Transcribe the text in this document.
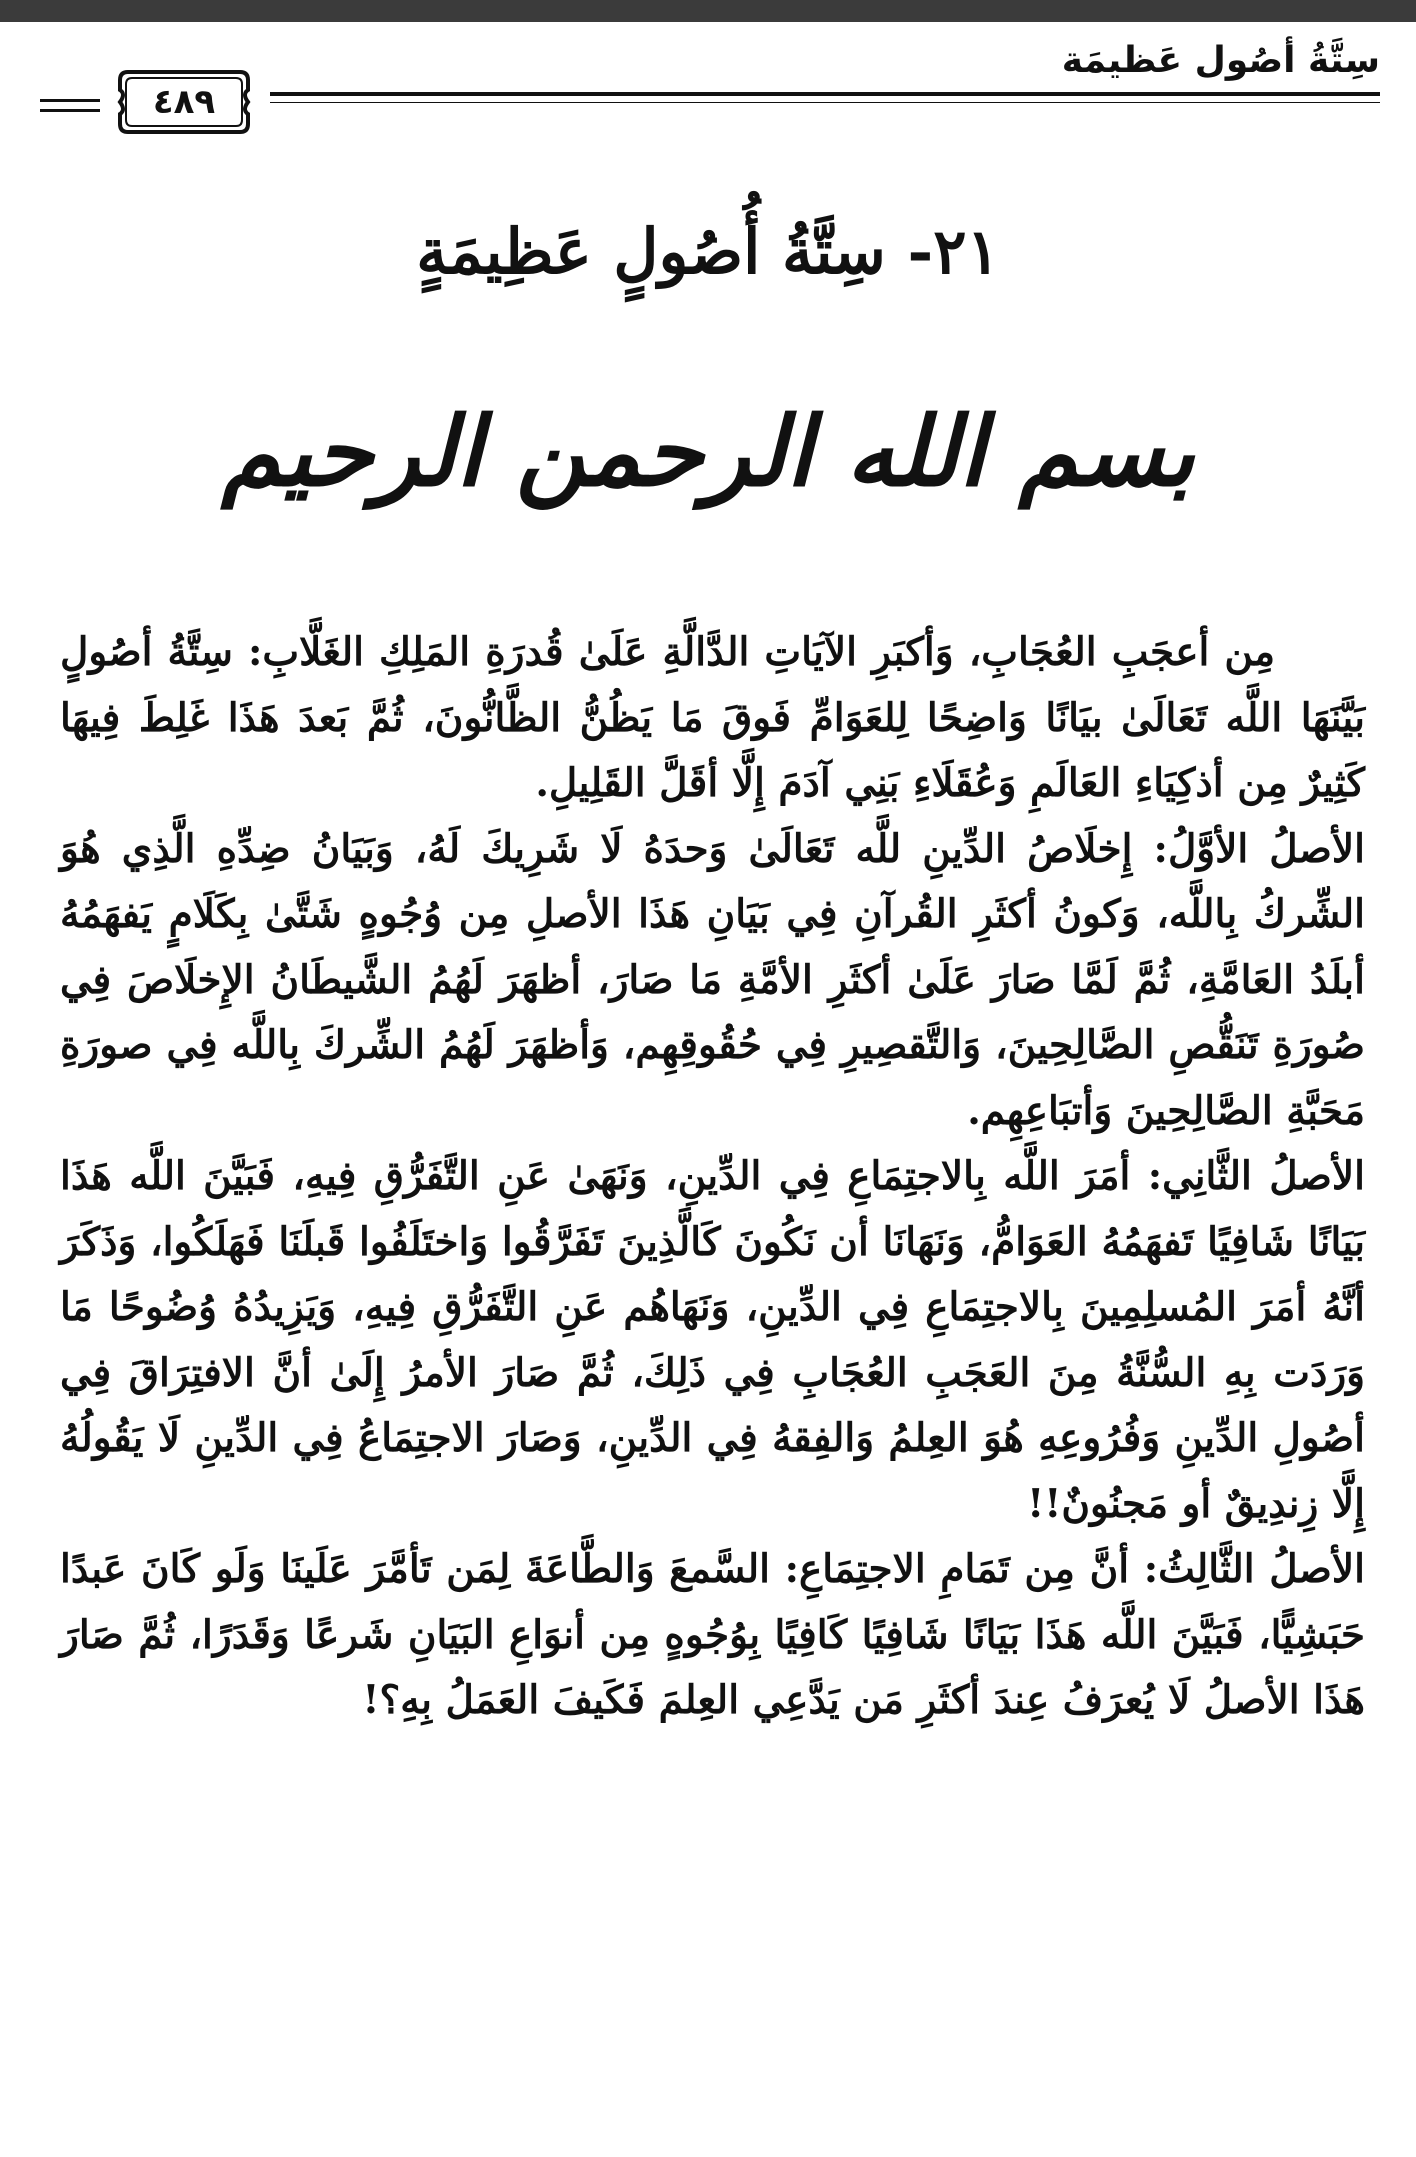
سِتَّةُ أصُول عَظيمَة
٤٨٩
٢١- سِتَّةُ أُصُولٍ عَظِيمَةٍ
بسم الله الرحمن الرحيم

مِن أعجَبِ العُجَابِ، وَأكبَرِ الآيَاتِ الدَّالَّةِ عَلَىٰ قُدرَةِ المَلِكِ الغَلَّابِ: سِتَّةُ أصُولٍ بَيَّنَهَا اللَّه تَعَالَىٰ بيَانًا وَاضِحًا لِلعَوَامِّ فَوقَ مَا يَظُنُّ الظَّانُّونَ، ثُمَّ بَعدَ هَذَا غَلِطَ فِيهَا كَثِيرٌ مِن أذكِيَاءِ العَالَمِ وَعُقَلَاءِ بَنِي آدَمَ إِلَّا أقَلَّ القَلِيلِ.

الأصلُ الأوَّلُ: إِخلَاصُ الدِّينِ للَّه تَعَالَىٰ وَحدَهُ لَا شَرِيكَ لَهُ، وَبَيَانُ ضِدِّهِ الَّذِي هُوَ الشِّركُ بِاللَّه، وَكونُ أكثَرِ القُرآنِ فِي بَيَانِ هَذَا الأصلِ مِن وُجُوهٍ شَتَّىٰ بِكَلَامٍ يَفهَمُهُ أبلَدُ العَامَّةِ، ثُمَّ لَمَّا صَارَ عَلَىٰ أكثَرِ الأمَّةِ مَا صَارَ، أظهَرَ لَهُمُ الشَّيطَانُ الإِخلَاصَ فِي صُورَةِ تَنَقُّصِ الصَّالِحِينَ، وَالتَّقصِيرِ فِي حُقُوقِهِم، وَأظهَرَ لَهُمُ الشِّركَ بِاللَّه فِي صورَةِ مَحَبَّةِ الصَّالِحِينَ وَأتبَاعِهِم.

الأصلُ الثَّانِي: أمَرَ اللَّه بِالاجتِمَاعِ فِي الدِّينِ، وَنَهَىٰ عَنِ التَّفَرُّقِ فِيهِ، فَبَيَّنَ اللَّه هَذَا بَيَانًا شَافِيًا تَفهَمُهُ العَوَامُّ، وَنَهَانَا أن نَكُونَ كَالَّذِينَ تَفَرَّقُوا وَاختَلَفُوا قَبلَنَا فَهَلَكُوا، وَذَكَرَ أنَّهُ أمَرَ المُسلِمِينَ بِالاجتِمَاعِ فِي الدِّينِ، وَنَهَاهُم عَنِ التَّفَرُّقِ فِيهِ، وَيَزِيدُهُ وُضُوحًا مَا وَرَدَت بِهِ السُّنَّةُ مِنَ العَجَبِ العُجَابِ فِي ذَلِكَ، ثُمَّ صَارَ الأمرُ إِلَىٰ أنَّ الافتِرَاقَ فِي أصُولِ الدِّينِ وَفُرُوعِهِ هُوَ العِلمُ وَالفِقهُ فِي الدِّينِ، وَصَارَ الاجتِمَاعُ فِي الدِّينِ لَا يَقُولُهُ إِلَّا زِندِيقٌ أو مَجنُونٌ!!

الأصلُ الثَّالِثُ: أنَّ مِن تَمَامِ الاجتِمَاعِ: السَّمعَ وَالطَّاعَةَ لِمَن تَأمَّرَ عَلَينَا وَلَو كَانَ عَبدًا حَبَشِيًّا، فَبَيَّنَ اللَّه هَذَا بَيَانًا شَافِيًا كَافِيًا بِوُجُوهٍ مِن أنوَاعِ البَيَانِ شَرعًا وَقَدَرًا، ثُمَّ صَارَ هَذَا الأصلُ لَا يُعرَفُ عِندَ أكثَرِ مَن يَدَّعِي العِلمَ فَكَيفَ العَمَلُ بِهِ؟!
